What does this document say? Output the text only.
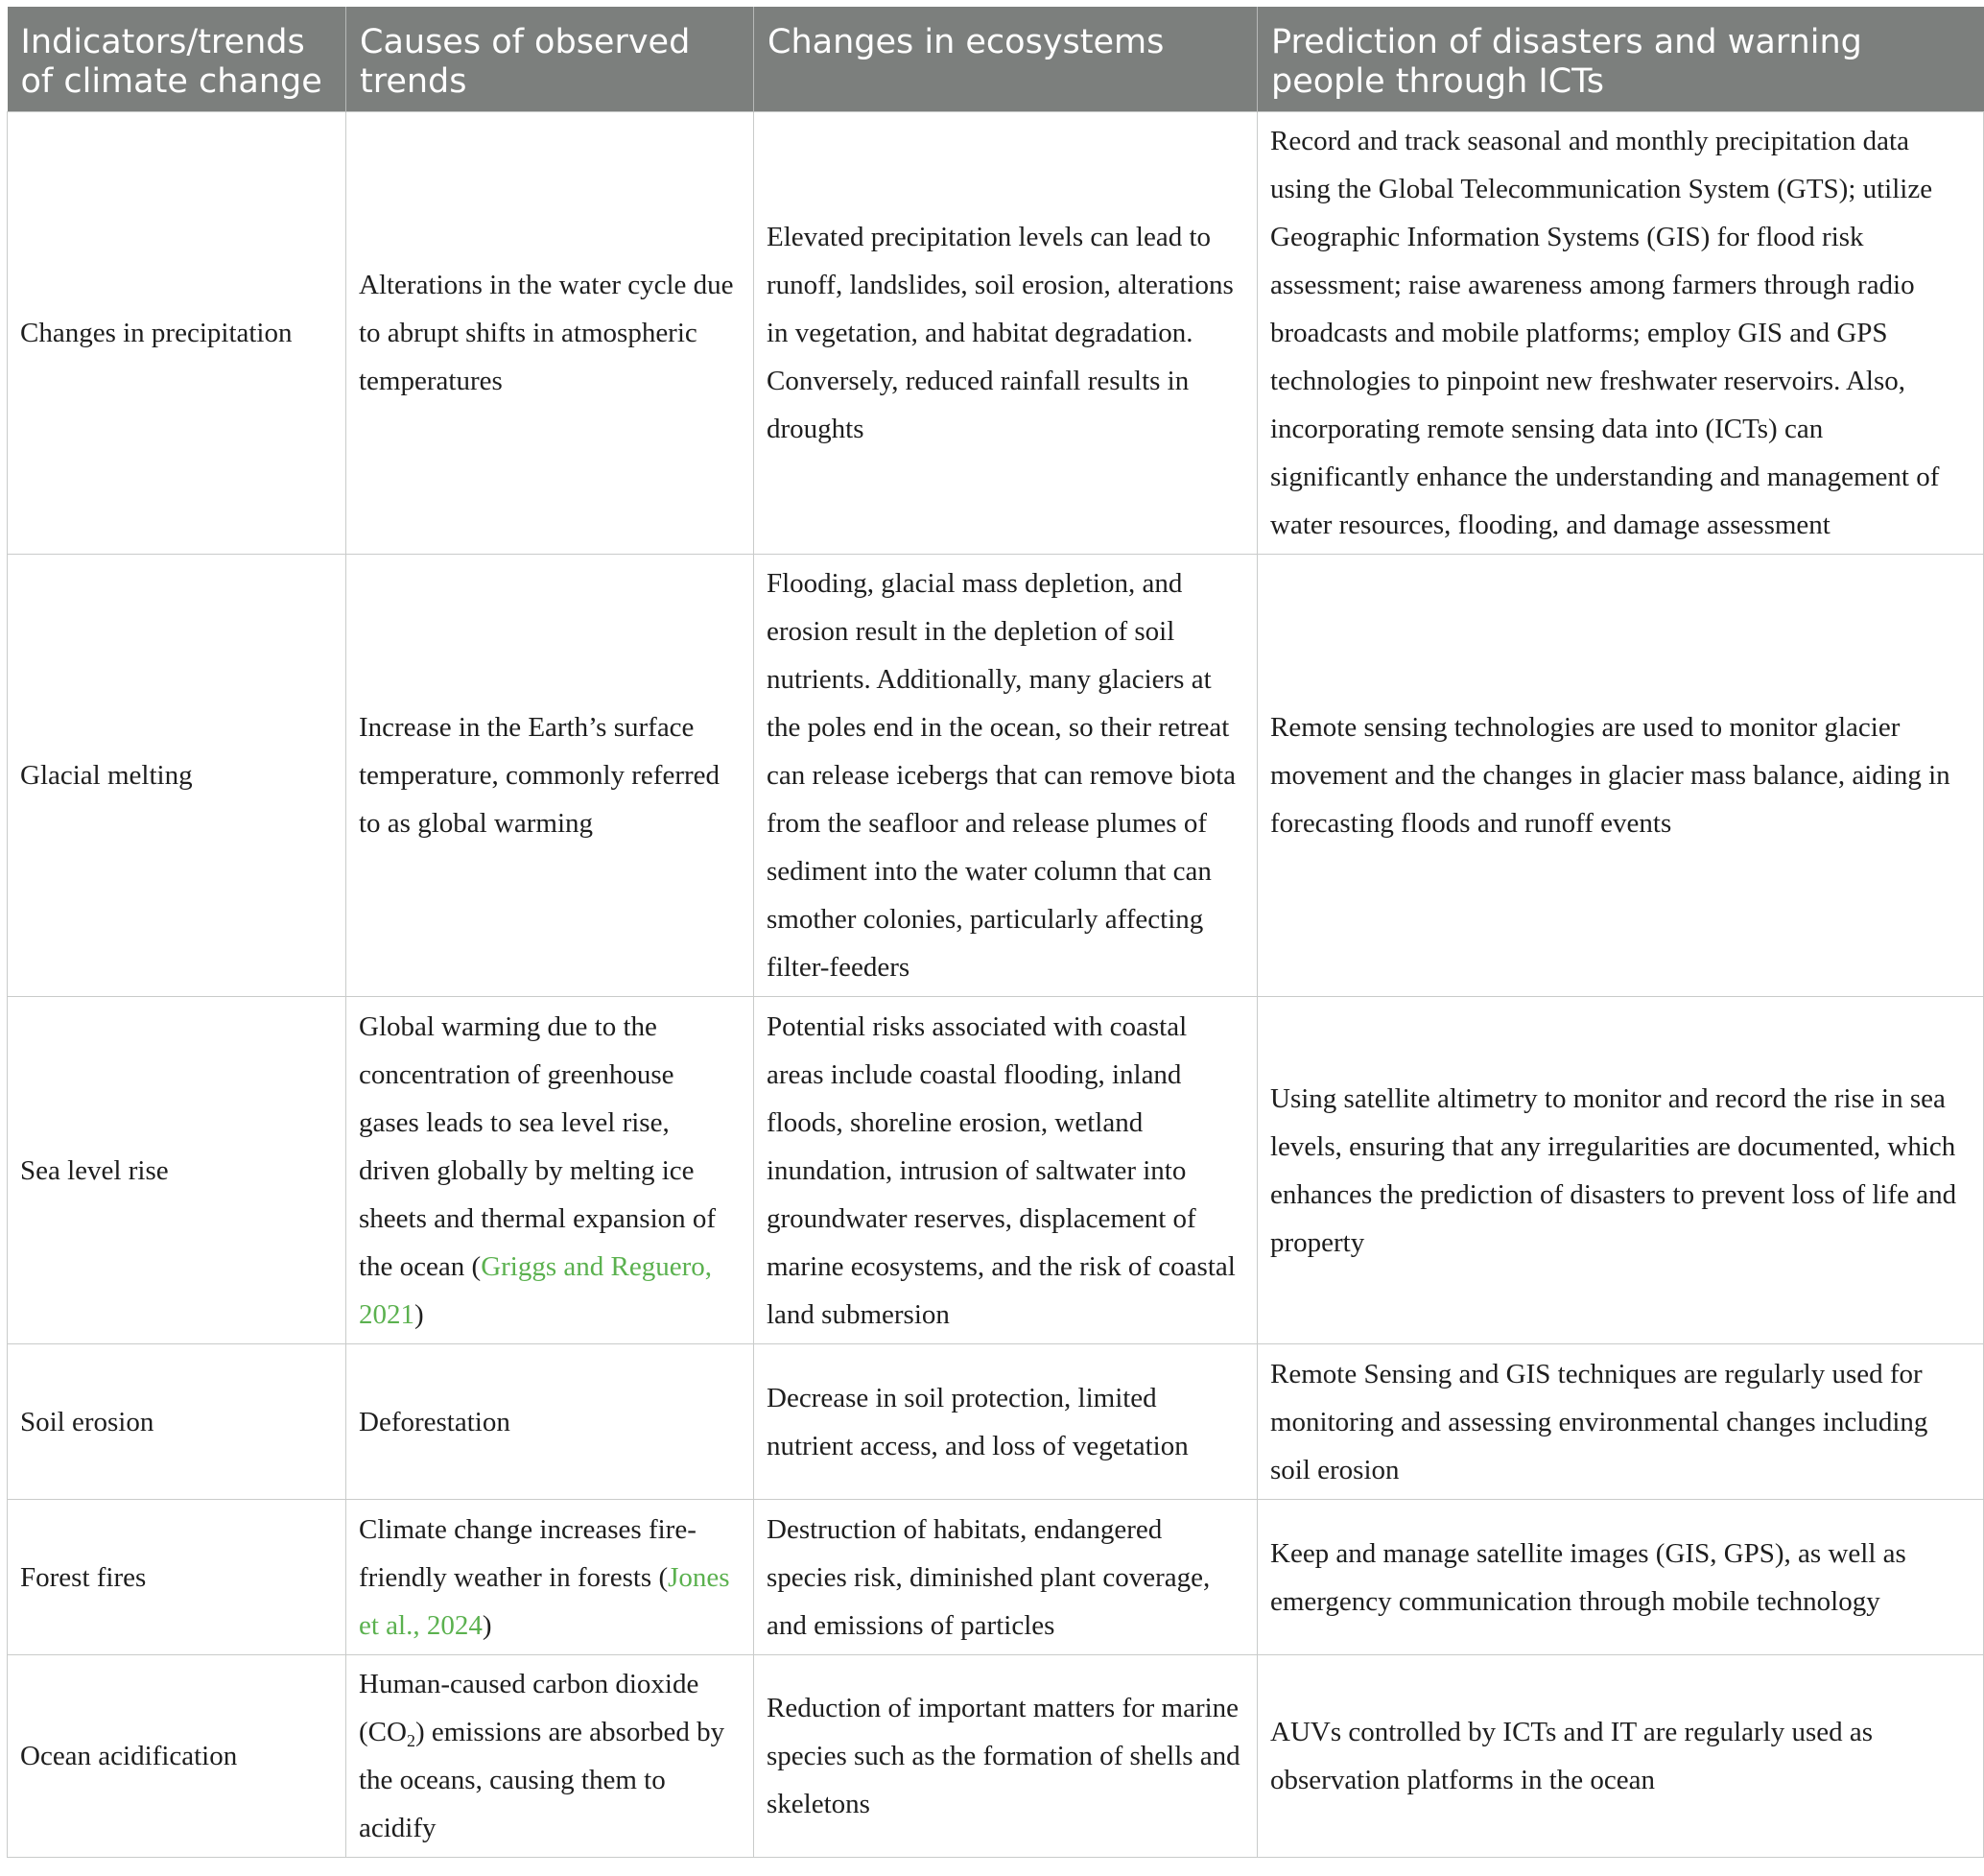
Indicators/trends of climate change	Causes of observed trends	Changes in ecosystems	Prediction of disasters and warning people through ICTs
Changes in precipitation	Alterations in the water cycle due to abrupt shifts in atmospheric temperatures	Elevated precipitation levels can lead to runoff, landslides, soil erosion, alterations in vegetation, and habitat degradation. Conversely, reduced rainfall results in droughts	Record and track seasonal and monthly precipitation data using the Global Telecommunication System (GTS); utilize Geographic Information Systems (GIS) for flood risk assessment; raise awareness among farmers through radio broadcasts and mobile platforms; employ GIS and GPS technologies to pinpoint new freshwater reservoirs. Also, incorporating remote sensing data into (ICTs) can significantly enhance the understanding and management of water resources, flooding, and damage assessment
Glacial melting	Increase in the Earth’s surface temperature, commonly referred to as global warming	Flooding, glacial mass depletion, and erosion result in the depletion of soil nutrients. Additionally, many glaciers at the poles end in the ocean, so their retreat can release icebergs that can remove biota from the seafloor and release plumes of sediment into the water column that can smother colonies, particularly affecting filter-feeders	Remote sensing technologies are used to monitor glacier movement and the changes in glacier mass balance, aiding in forecasting floods and runoff events
Sea level rise	Global warming due to the concentration of greenhouse gases leads to sea level rise, driven globally by melting ice sheets and thermal expansion of the ocean (Griggs and Reguero, 2021)	Potential risks associated with coastal areas include coastal flooding, inland floods, shoreline erosion, wetland inundation, intrusion of saltwater into groundwater reserves, displacement of marine ecosystems, and the risk of coastal land submersion	Using satellite altimetry to monitor and record the rise in sea levels, ensuring that any irregularities are documented, which enhances the prediction of disasters to prevent loss of life and property
Soil erosion	Deforestation	Decrease in soil protection, limited nutrient access, and loss of vegetation	Remote Sensing and GIS techniques are regularly used for monitoring and assessing environmental changes including soil erosion
Forest fires	Climate change increases fire-friendly weather in forests (Jones et al., 2024)	Destruction of habitats, endangered species risk, diminished plant coverage, and emissions of particles	Keep and manage satellite images (GIS, GPS), as well as emergency communication through mobile technology
Ocean acidification	Human-caused carbon dioxide $(CO_2)$ emissions are absorbed by the oceans, causing them to acidify	Reduction of important matters for marine species such as the formation of shells and skeletons	AUVs controlled by ICTs and IT are regularly used as observation platforms in the ocean
